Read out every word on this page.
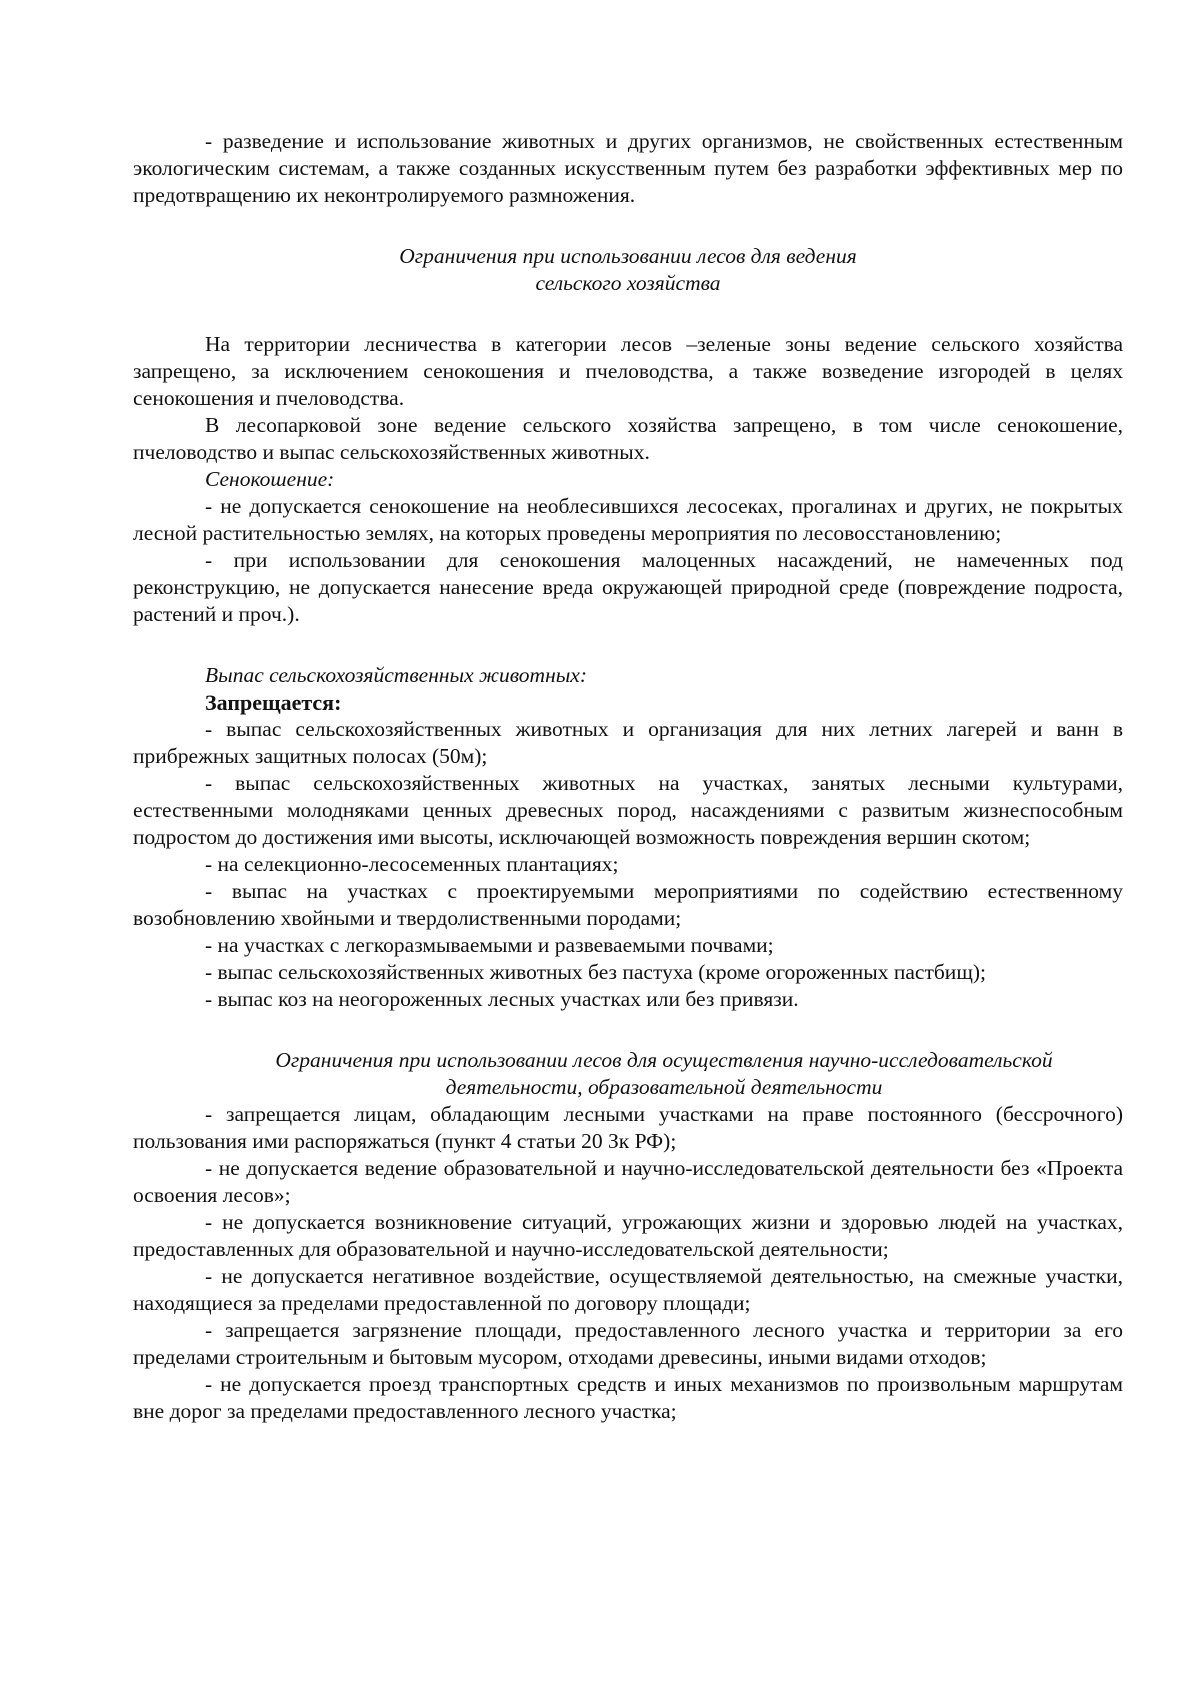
- разведение и использование животных и других организмов, не свойственных естественным экологическим системам, а также созданных искусственным путем без разработки эффективных мер по предотвращению их неконтролируемого размножения.

Ограничения при использовании лесов для ведения
сельского хозяйства

На территории лесничества в категории лесов –зеленые зоны ведение сельского хозяйства запрещено, за исключением сенокошения и пчеловодства, а также возведение изгородей в целях сенокошения и пчеловодства.

В лесопарковой зоне ведение сельского хозяйства запрещено, в том числе сенокошение, пчеловодство и выпас сельскохозяйственных животных.

Сенокошение:

- не допускается сенокошение на необлесившихся лесосеках, прогалинах и других, не покрытых лесной растительностью землях, на которых проведены мероприятия по лесовосстановлению;

- при использовании для сенокошения малоценных насаждений, не намеченных под реконструкцию, не допускается нанесение вреда окружающей природной среде (повреждение подроста, растений и проч.).

Выпас сельскохозяйственных животных:

Запрещается:

- выпас сельскохозяйственных животных и организация для них летних лагерей и ванн в прибрежных защитных полосах (50м);

- выпас сельскохозяйственных животных на участках, занятых лесными культурами, естественными молодняками ценных древесных пород, насаждениями с развитым жизнеспособным подростом до достижения ими высоты, исключающей возможность повреждения вершин скотом;

- на селекционно-лесосеменных плантациях;

- выпас на участках с проектируемыми мероприятиями по содействию естественному возобновлению хвойными и твердолиственными породами;

- на участках с легкоразмываемыми и развеваемыми почвами;

- выпас сельскохозяйственных животных без пастуха (кроме огороженных пастбищ);

- выпас коз на неогороженных лесных участках или без привязи.

Ограничения при использовании лесов для осуществления научно-исследовательской деятельности, образовательной деятельности

- запрещается лицам, обладающим лесными участками на праве постоянного (бессрочного) пользования ими распоряжаться (пункт 4 статьи 20 Зк РФ);

- не допускается ведение образовательной и научно-исследовательской деятельности без «Проекта освоения лесов»;

- не допускается возникновение ситуаций, угрожающих жизни и здоровью людей на участках, предоставленных для образовательной и научно-исследовательской деятельности;

- не допускается негативное воздействие, осуществляемой деятельностью, на смежные участки, находящиеся за пределами предоставленной по договору площади;

- запрещается загрязнение площади, предоставленного лесного участка и территории за его пределами строительным и бытовым мусором, отходами древесины, иными видами отходов;

- не допускается проезд транспортных средств и иных механизмов по произвольным маршрутам вне дорог за пределами предоставленного лесного участка;
